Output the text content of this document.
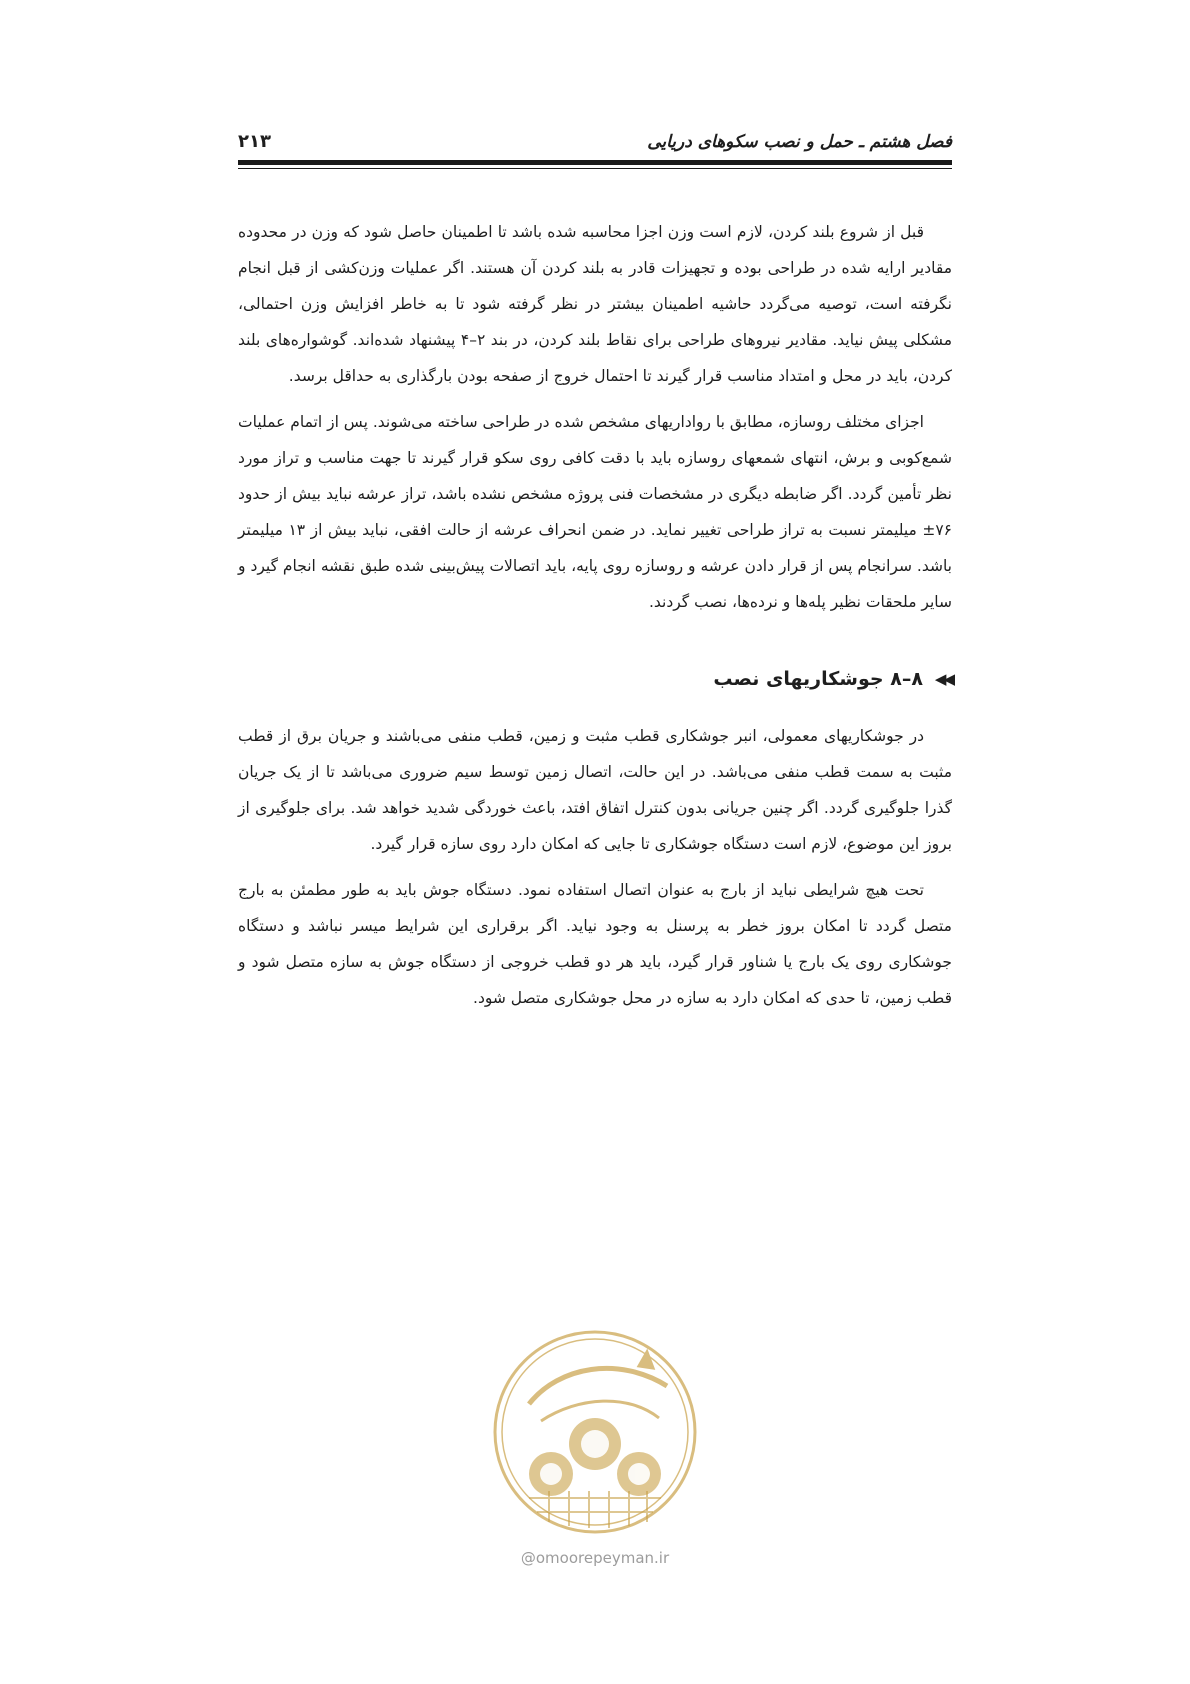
فصل هشتم ـ حمل و نصب سکوهای دریایی
۲۱۳

قبل از شروع بلند کردن، لازم است وزن اجزا محاسبه شده باشد تا اطمینان حاصل شود که وزن در محدوده مقادیر ارایه شده در طراحی بوده و تجهیزات قادر به بلند کردن آن هستند. اگر عملیات وزن‌کشی از قبل انجام نگرفته است، توصیه می‌گردد حاشیه اطمینان بیشتر در نظر گرفته شود تا به خاطر افزایش وزن احتمالی، مشکلی پیش نیاید. مقادیر نیروهای طراحی برای نقاط بلند کردن، در بند ۲–۴ پیشنهاد شده‌اند. گوشواره‌های بلند کردن، باید در محل و امتداد مناسب قرار گیرند تا احتمال خروج از صفحه بودن بارگذاری به حداقل برسد.

اجزای مختلف روسازه، مطابق با رواداریهای مشخص شده در طراحی ساخته می‌شوند. پس از اتمام عملیات شمع‌کوبی و برش، انتهای شمعهای روسازه باید با دقت کافی روی سکو قرار گیرند تا جهت مناسب و تراز مورد نظر تأمین گردد. اگر ضابطه دیگری در مشخصات فنی پروژه مشخص نشده باشد، تراز عرشه نباید بیش از حدود ۷۶± میلیمتر نسبت به تراز طراحی تغییر نماید. در ضمن انحراف عرشه از حالت افقی، نباید بیش از ۱۳ میلیمتر باشد. سرانجام پس از قرار دادن عرشه و روسازه روی پایه، باید اتصالات پیش‌بینی شده طبق نقشه انجام گیرد و سایر ملحقات نظیر پله‌ها و نرده‌ها، نصب گردند.

◀◀
۸–۸ جوشکاریهای نصب

در جوشکاریهای معمولی، انبر جوشکاری قطب مثبت و زمین، قطب منفی می‌باشند و جریان برق از قطب مثبت به سمت قطب منفی می‌باشد. در این حالت، اتصال زمین توسط سیم ضروری می‌باشد تا از یک جریان گذرا جلوگیری گردد. اگر چنین جریانی بدون کنترل اتفاق افتد، باعث خوردگی شدید خواهد شد. برای جلوگیری از بروز این موضوع، لازم است دستگاه جوشکاری تا جایی که امکان دارد روی سازه قرار گیرد.

تحت هیچ شرایطی نباید از بارج به عنوان اتصال استفاده نمود. دستگاه جوش باید به طور مطمئن به بارج متصل گردد تا امکان بروز خطر به پرسنل به وجود نیاید. اگر برقراری این شرایط میسر نباشد و دستگاه جوشکاری روی یک بارج یا شناور قرار گیرد، باید هر دو قطب خروجی از دستگاه جوش به سازه متصل شود و قطب زمین، تا حدی که امکان دارد به سازه در محل جوشکاری متصل شود.

@omoorepeyman.ir
